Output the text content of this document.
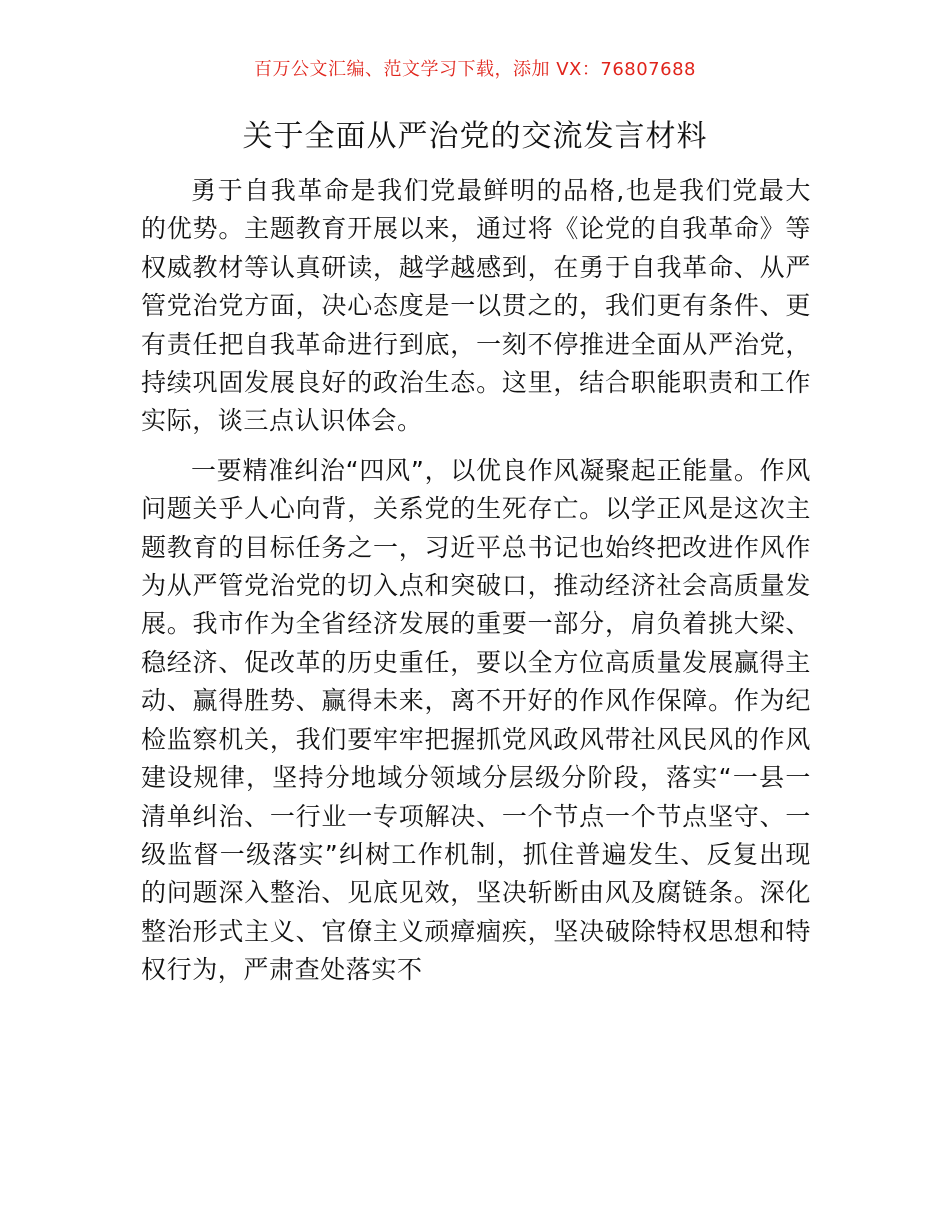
百万公文汇编、范文学习下载，添加 VX：76807688
关于全面从严治党的交流发言材料

勇于自我革命是我们党最鲜明的品格,也是我们党最大的优势。主题教育开展以来，通过将《论党的自我革命》等权威教材等认真研读，越学越感到，在勇于自我革命、从严管党治党方面，决心态度是一以贯之的，我们更有条件、更有责任把自我革命进行到底，一刻不停推进全面从严治党，持续巩固发展良好的政治生态。这里，结合职能职责和工作实际，谈三点认识体会。

一要精准纠治“四风”，以优良作风凝聚起正能量。作风问题关乎人心向背，关系党的生死存亡。以学正风是这次主题教育的目标任务之一，习近平总书记也始终把改进作风作为从严管党治党的切入点和突破口，推动经济社会高质量发展。我市作为全省经济发展的重要一部分，肩负着挑大梁、稳经济、促改革的历史重任，要以全方位高质量发展赢得主动、赢得胜势、赢得未来，离不开好的作风作保障。作为纪检监察机关，我们要牢牢把握抓党风政风带社风民风的作风建设规律，坚持分地域分领域分层级分阶段，落实“一县一清单纠治、一行业一专项解决、一个节点一个节点坚守、一级监督一级落实”纠树工作机制，抓住普遍发生、反复出现的问题深入整治、见底见效，坚决斩断由风及腐链条。深化整治形式主义、官僚主义顽瘴痼疾，坚决破除特权思想和特权行为，严肃查处落实不
